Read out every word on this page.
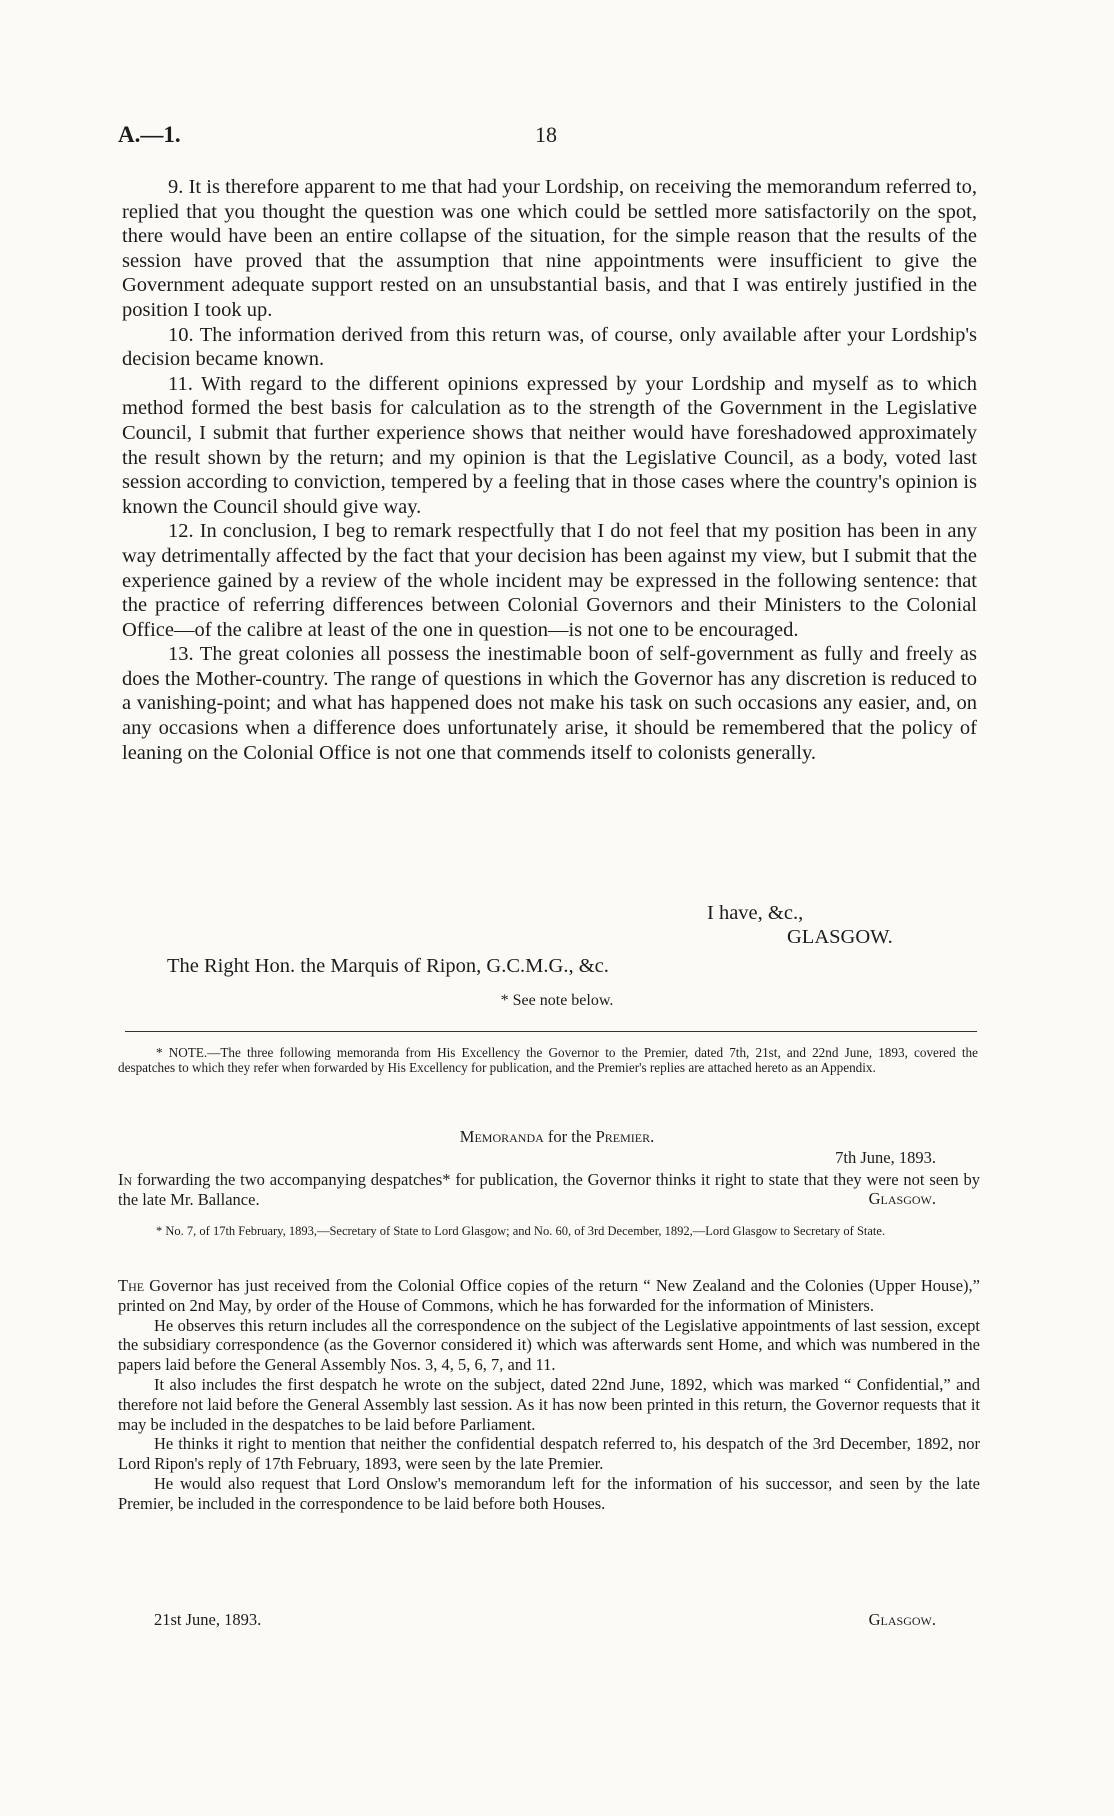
A.—1.	18

9. It is therefore apparent to me that had your Lordship, on receiving the memorandum referred to, replied that you thought the question was one which could be settled more satisfactorily on the spot, there would have been an entire collapse of the situation, for the simple reason that the results of the session have proved that the assumption that nine appointments were insufficient to give the Government adequate support rested on an unsubstantial basis, and that I was entirely justified in the position I took up.

10. The information derived from this return was, of course, only available after your Lordship's decision became known.

11. With regard to the different opinions expressed by your Lordship and myself as to which method formed the best basis for calculation as to the strength of the Government in the Legislative Council, I submit that further experience shows that neither would have foreshadowed approximately the result shown by the return; and my opinion is that the Legislative Council, as a body, voted last session according to conviction, tempered by a feeling that in those cases where the country's opinion is known the Council should give way.

12. In conclusion, I beg to remark respectfully that I do not feel that my position has been in any way detrimentally affected by the fact that your decision has been against my view, but I submit that the experience gained by a review of the whole incident may be expressed in the following sentence: that the practice of referring differences between Colonial Governors and their Ministers to the Colonial Office—of the calibre at least of the one in question—is not one to be encouraged.

13. The great colonies all possess the inestimable boon of self-government as fully and freely as does the Mother-country. The range of questions in which the Governor has any discretion is reduced to a vanishing-point; and what has happened does not make his task on such occasions any easier, and, on any occasions when a difference does unfortunately arise, it should be remembered that the policy of leaning on the Colonial Office is not one that commends itself to colonists generally.

I have, &c.,
GLASGOW.
The Right Hon. the Marquis of Ripon, G.C.M.G., &c.
* See note below.
* NOTE.—The three following memoranda from His Excellency the Governor to the Premier, dated 7th, 21st, and 22nd June, 1893, covered the despatches to which they refer when forwarded by His Excellency for publication, and the Premier's replies are attached hereto as an Appendix.
Memoranda for the Premier.
7th June, 1893.

In forwarding the two accompanying despatches* for publication, the Governor thinks it right to state that they were not seen by the late Mr. Ballance.	Glasgow.
* No. 7, of 17th February, 1893,—Secretary of State to Lord Glasgow; and No. 60, of 3rd December, 1892,—Lord Glasgow to Secretary of State.

The Governor has just received from the Colonial Office copies of the return “ New Zealand and the Colonies (Upper House),” printed on 2nd May, by order of the House of Commons, which he has forwarded for the information of Ministers.

He observes this return includes all the correspondence on the subject of the Legislative appointments of last session, except the subsidiary correspondence (as the Governor considered it) which was afterwards sent Home, and which was numbered in the papers laid before the General Assembly Nos. 3, 4, 5, 6, 7, and 11.

It also includes the first despatch he wrote on the subject, dated 22nd June, 1892, which was marked “ Confidential,” and therefore not laid before the General Assembly last session. As it has now been printed in this return, the Governor requests that it may be included in the despatches to be laid before Parliament.

He thinks it right to mention that neither the confidential despatch referred to, his despatch of the 3rd December, 1892, nor Lord Ripon's reply of 17th February, 1893, were seen by the late Premier.

He would also request that Lord Onslow's memorandum left for the information of his successor, and seen by the late Premier, be included in the correspondence to be laid before both Houses.

21st June, 1893.	Glasgow.
